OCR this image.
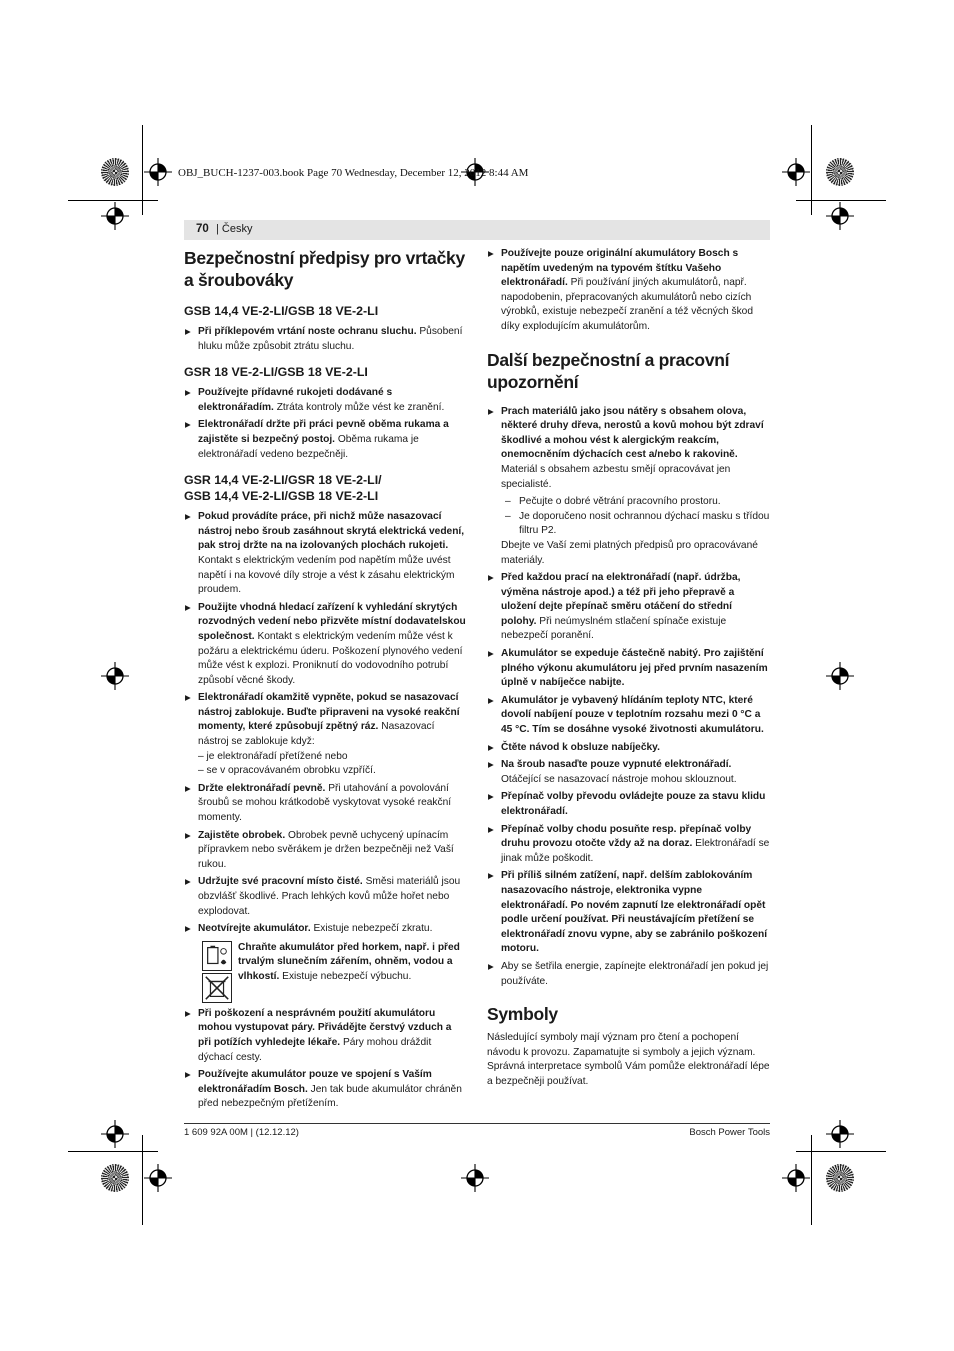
OBJ_BUCH-1237-003.book Page 70 Wednesday, December 12, 2012 8:44 AM
70 | Česky
Bezpečnostní předpisy pro vrtačky a šroubováky
GSB 14,4 VE-2-LI/GSB 18 VE-2-LI

▶ Při příklepovém vrtání noste ochranu sluchu. Působení hluku může způsobit ztrátu sluchu.

GSR 18 VE-2-LI/GSB 18 VE-2-LI

▶ Používejte přídavné rukojeti dodávané s elektronářadím. Ztráta kontroly může vést ke zranění.

▶ Elektronářadí držte při práci pevně oběma rukama a zajistěte si bezpečný postoj. Oběma rukama je elektronářadí vedeno bezpečněji.

GSR 14,4 VE-2-LI/GSR 18 VE-2-LI/
GSB 14,4 VE-2-LI/GSB 18 VE-2-LI

▶ Pokud provádíte práce, při nichž může nasazovací nástroj nebo šroub zasáhnout skrytá elektrická vedení, pak stroj držte na na izolovaných plochách rukojeti. Kontakt s elektrickým vedením pod napětím může uvést napětí i na kovové díly stroje a vést k zásahu elektrickým proudem.

▶ Použijte vhodná hledací zařízení k vyhledání skrytých rozvodných vedení nebo přizvěte místní dodavatelskou společnost. Kontakt s elektrickým vedením může vést k požáru a elektrickému úderu. Poškození plynového vedení může vést k explozi. Proniknutí do vodovodního potrubí způsobí věcné škody.

▶ Elektronářadí okamžitě vypněte, pokud se nasazovací nástroj zablokuje. Buďte připraveni na vysoké reakční momenty, které způsobují zpětný ráz. Nasazovací nástroj se zablokuje když:

– je elektronářadí přetížené nebo

– se v opracovávaném obrobku vzpříčí.

▶ Držte elektronářadí pevně. Při utahování a povolování šroubů se mohou krátkodobě vyskytovat vysoké reakční momenty.

▶ Zajistěte obrobek. Obrobek pevně uchycený upínacím přípravkem nebo svěrákem je držen bezpečněji než Vaší rukou.

▶ Udržujte své pracovní místo čisté. Směsi materiálů jsou obzvlášť škodlivé. Prach lehkých kovů může hořet nebo explodovat.

▶ Neotvírejte akumulátor. Existuje nebezpečí zkratu.

Chraňte akumulátor před horkem, např. i před trvalým slunečním zářením, ohněm, vodou a vlhkostí. Existuje nebezpečí výbuchu.

▶ Při poškození a nesprávném použití akumulátoru mohou vystupovat páry. Přivádějte čerstvý vzduch a při potížích vyhledejte lékaře. Páry mohou dráždit dýchací cesty.

▶ Používejte akumulátor pouze ve spojení s Vaším elektronářadím Bosch. Jen tak bude akumulátor chráněn před nebezpečným přetížením.

▶ Používejte pouze originální akumulátory Bosch s napětím uvedeným na typovém štítku Vašeho elektronářadí. Při používání jiných akumulátorů, např. napodobenin, přepracovaných akumulátorů nebo cizích výrobků, existuje nebezpečí zranění a též věcných škod díky explodujícím akumulátorům.

Další bezpečnostní a pracovní upozornění

▶ Prach materiálů jako jsou nátěry s obsahem olova, některé druhy dřeva, nerostů a kovů mohou být zdraví škodlivé a mohou vést k alergickým reakcím, onemocněním dýchacích cest a/nebo k rakovině. Materiál s obsahem azbestu smějí opracovávat jen specialisté.

– Pečujte o dobré větrání pracovního prostoru.

– Je doporučeno nosit ochrannou dýchací masku s třídou filtru P2.

Dbejte ve Vaší zemi platných předpisů pro opracovávané materiály.

▶ Před každou prací na elektronářadí (např. údržba, výměna nástroje apod.) a též při jeho přepravě a uložení dejte přepínač směru otáčení do střední polohy. Při neúmyslném stlačení spínače existuje nebezpečí poranění.

▶ Akumulátor se expeduje částečně nabitý. Pro zajištění plného výkonu akumulátoru jej před prvním nasazením úplně v nabíječce nabijte.

▶ Akumulátor je vybavený hlídáním teploty NTC, které dovolí nabíjení pouze v teplotním rozsahu mezi 0 °C a 45 °C. Tím se dosáhne vysoké životnosti akumulátoru.

▶ Čtěte návod k obsluze nabíječky.

▶ Na šroub nasaďte pouze vypnuté elektronářadí. Otáčející se nasazovací nástroje mohou sklouznout.

▶ Přepínač volby převodu ovládejte pouze za stavu klidu elektronářadí.

▶ Přepínač volby chodu posuňte resp. přepínač volby druhu provozu otočte vždy až na doraz. Elektronářadí se jinak může poškodit.

▶ Při příliš silném zatížení, např. delším zablokováním nasazovacího nástroje, elektronika vypne elektronářadí. Po novém zapnutí lze elektronářadí opět podle určení používat. Při neustávajícím přetížení se elektronářadí znovu vypne, aby se zabránilo poškození motoru.

▶ Aby se šetřila energie, zapínejte elektronářadí jen pokud jej používáte.

Symboly

Následující symboly mají význam pro čtení a pochopení návodu k provozu. Zapamatujte si symboly a jejich význam. Správná interpretace symbolů Vám pomůže elektronářadí lépe a bezpečněji používat.

1 609 92A 00M | (12.12.12)	Bosch Power Tools
